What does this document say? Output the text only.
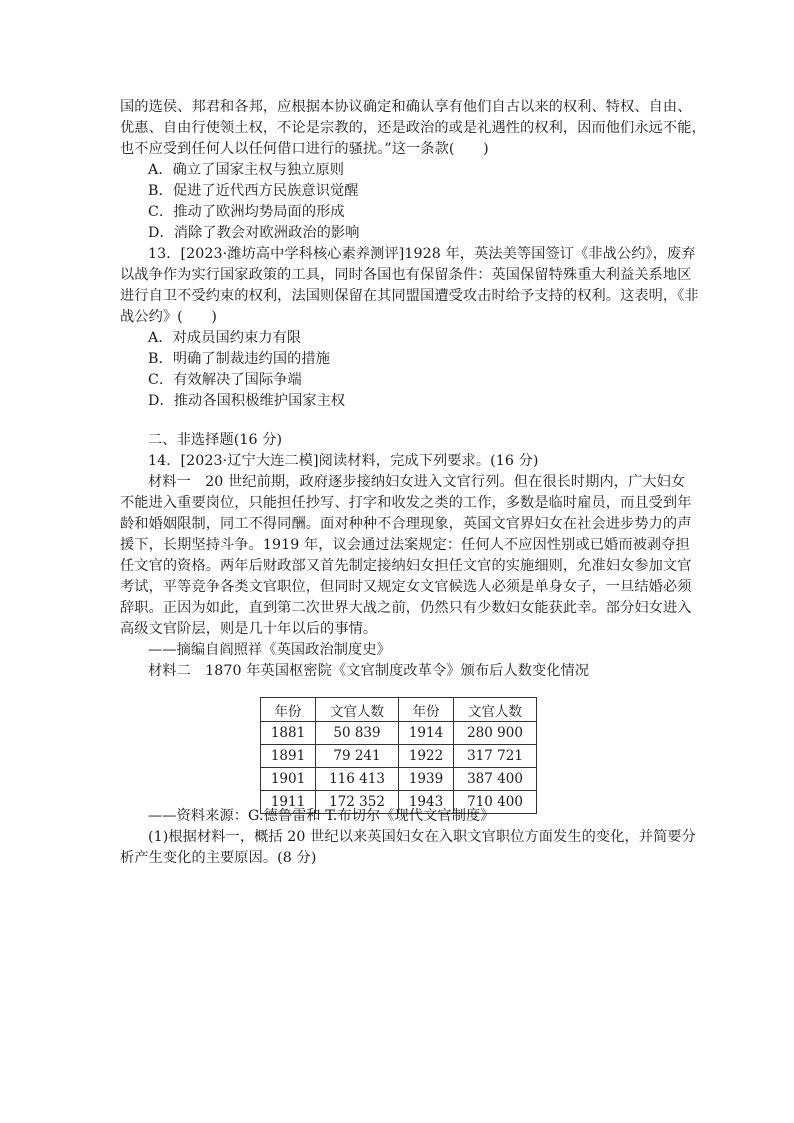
国的选侯、邦君和各邦，应根据本协议确定和确认享有他们自古以来的权利、特权、自由、
优惠、自由行使领土权，不论是宗教的，还是政治的或是礼遇性的权利，因而他们永远不能，
也不应受到任何人以任何借口进行的骚扰。”这一条款(　　)
A．确立了国家主权与独立原则
B．促进了近代西方民族意识觉醒
C．推动了欧洲均势局面的形成
D．消除了教会对欧洲政治的影响
13．[2023·潍坊高中学科核心素养测评]1928 年，英法美等国签订《非战公约》，废弃
以战争作为实行国家政策的工具，同时各国也有保留条件：英国保留特殊重大利益关系地区
进行自卫不受约束的权利，法国则保留在其同盟国遭受攻击时给予支持的权利。这表明，《非
战公约》(　　)
A．对成员国约束力有限
B．明确了制裁违约国的措施
C．有效解决了国际争端
D．推动各国积极维护国家主权
二、非选择题(16 分)
14．[2023·辽宁大连二模]阅读材料，完成下列要求。(16 分)
材料一　20 世纪前期，政府逐步接纳妇女进入文官行列。但在很长时期内，广大妇女
不能进入重要岗位，只能担任抄写、打字和收发之类的工作，多数是临时雇员，而且受到年
龄和婚姻限制，同工不得同酬。面对种种不合理现象，英国文官界妇女在社会进步势力的声
援下，长期坚持斗争。1919 年，议会通过法案规定：任何人不应因性别或已婚而被剥夺担
任文官的资格。两年后财政部又首先制定接纳妇女担任文官的实施细则，允准妇女参加文官
考试，平等竞争各类文官职位，但同时又规定女文官候选人必须是单身女子，一旦结婚必须
辞职。正因为如此，直到第二次世界大战之前，仍然只有少数妇女能获此幸。部分妇女进入
高级文官阶层，则是几十年以后的事情。
——摘编自阎照祥《英国政治制度史》
材料二　1870 年英国枢密院《文官制度改革令》颁布后人数变化情况
年份	文官人数	年份	文官人数
1881	50 839	1914	280 900
1891	79 241	1922	317 721
1901	116 413	1939	387 400
1911	172 352	1943	710 400
——资料来源：G.德鲁雷和 T.布切尔《现代文官制度》
(1)根据材料一，概括 20 世纪以来英国妇女在入职文官职位方面发生的变化，并简要分
析产生变化的主要原因。(8 分)
